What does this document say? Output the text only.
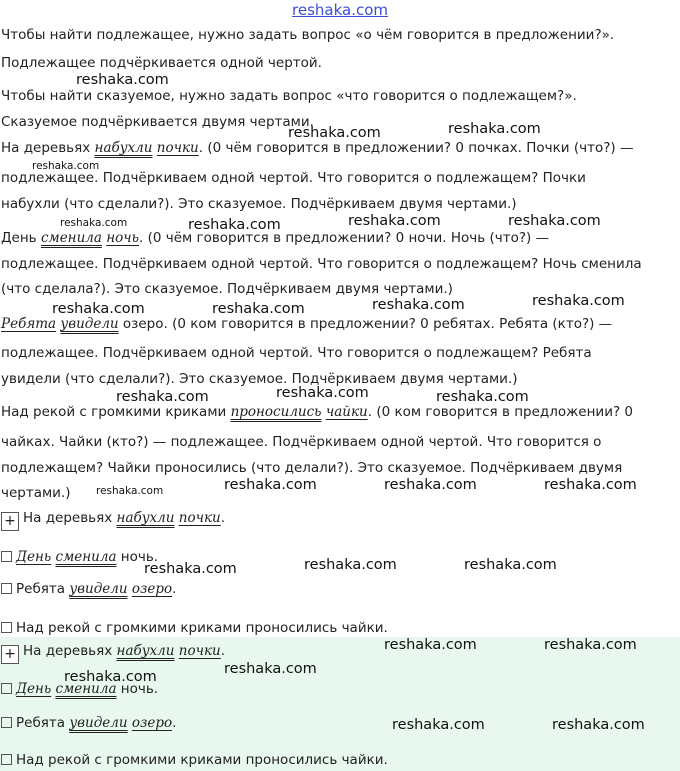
reshaka.com
Чтобы найти подлежащее, нужно задать вопрос «о чём говорится в предложении?».
Подлежащее подчёркивается одной чертой.
Чтобы найти сказуемое, нужно задать вопрос «что говорится о подлежащем?».
Сказуемое подчёркивается двумя чертами.
На деревьях набухли почки. (0 чём говорится в предложении? 0 почках. Почки (что?) —
подлежащее. Подчёркиваем одной чертой. Что говорится о подлежащем? Почки
набухли (что сделали?). Это сказуемое. Подчёркиваем двумя чертами.)
День сменила ночь. (0 чём говорится в предложении? 0 ночи. Ночь (что?) —
подлежащее. Подчёркиваем одной чертой. Что говорится о подлежащем? Ночь сменила
(что сделала?). Это сказуемое. Подчёркиваем двумя чертами.)
Ребята увидели озеро. (0 ком говорится в предложении? 0 ребятах. Ребята (кто?) —
подлежащее. Подчёркиваем одной чертой. Что говорится о подлежащем? Ребята
увидели (что сделали?). Это сказуемое. Подчёркиваем двумя чертами.)
Над рекой с громкими криками проносились чайки. (0 ком говорится в предложении? 0
чайках. Чайки (кто?) — подлежащее. Подчёркиваем одной чертой. Что говорится о
подлежащем? Чайки проносились (что делали?). Это сказуемое. Подчёркиваем двумя
чертами.)
+ На деревьях набухли почки.
День сменила ночь.
Ребята увидели озеро.
Над рекой с громкими криками проносились чайки.
+ На деревьях набухли почки.
День сменила ночь.
Ребята увидели озеро.
Над рекой с громкими криками проносились чайки.
reshaka.com
reshaka.com	reshaka.com
reshaka.com
reshaka.com	reshaka.com	reshaka.com	reshaka.com
reshaka.com	reshaka.com	reshaka.com	reshaka.com
reshaka.com	reshaka.com	reshaka.com
reshaka.com	reshaka.com	reshaka.com	reshaka.com
reshaka.com	reshaka.com	reshaka.com
reshaka.com	reshaka.com
reshaka.com
reshaka.com
reshaka.com	reshaka.com
